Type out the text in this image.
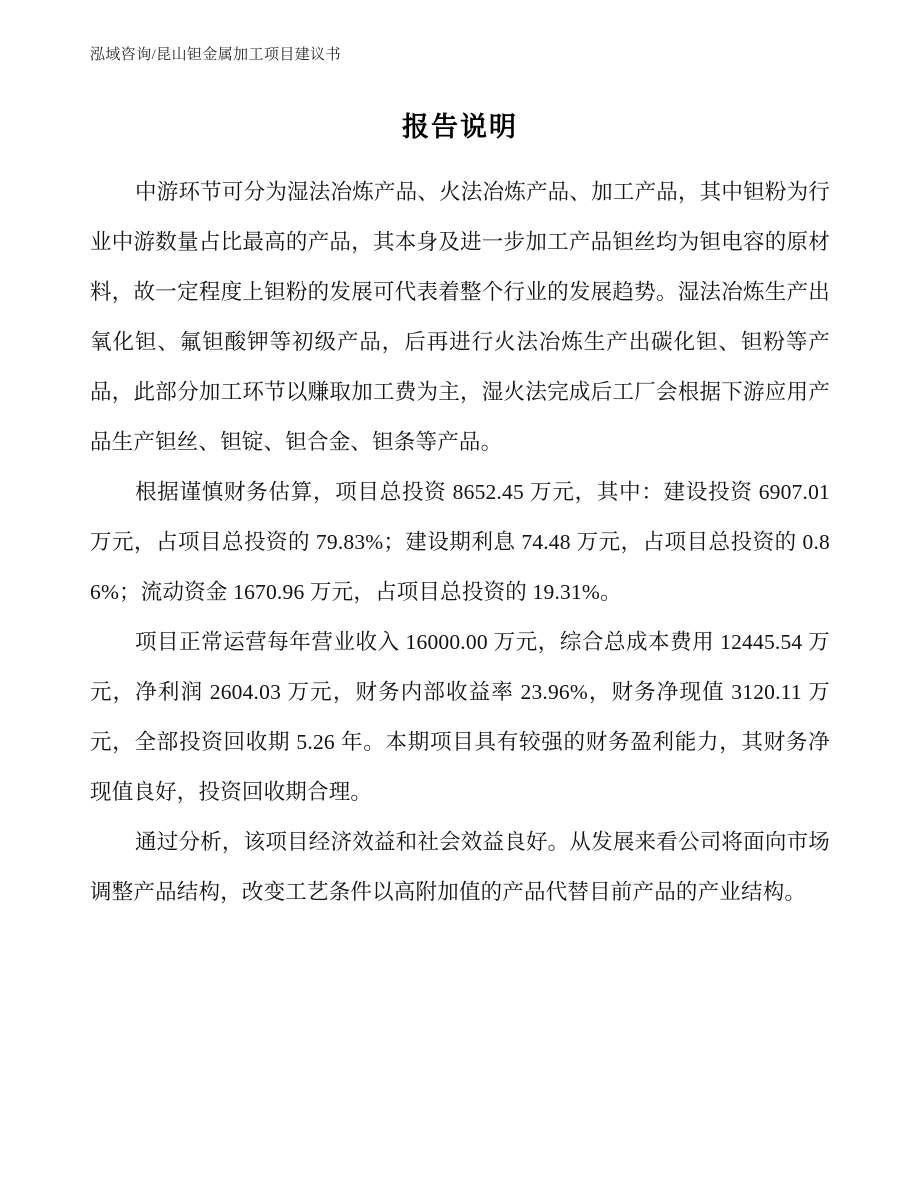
泓域咨询/昆山钽金属加工项目建议书
报告说明

中游环节可分为湿法冶炼产品、火法冶炼产品、加工产品，其中钽粉为行业中游数量占比最高的产品，其本身及进一步加工产品钽丝均为钽电容的原材料，故一定程度上钽粉的发展可代表着整个行业的发展趋势。湿法冶炼生产出氧化钽、氟钽酸钾等初级产品，后再进行火法冶炼生产出碳化钽、钽粉等产品，此部分加工环节以赚取加工费为主，湿火法完成后工厂会根据下游应用产品生产钽丝、钽锭、钽合金、钽条等产品。

根据谨慎财务估算，项目总投资 8652.45 万元，其中：建设投资 6907.01 万元，占项目总投资的 79.83%；建设期利息 74.48 万元，占项目总投资的 0.86%；流动资金 1670.96 万元，占项目总投资的 19.31%。

项目正常运营每年营业收入 16000.00 万元，综合总成本费用 12445.54 万元，净利润 2604.03 万元，财务内部收益率 23.96%，财务净现值 3120.11 万元，全部投资回收期 5.26 年。本期项目具有较强的财务盈利能力，其财务净现值良好，投资回收期合理。

通过分析，该项目经济效益和社会效益良好。从发展来看公司将面向市场调整产品结构，改变工艺条件以高附加值的产品代替目前产品的产业结构。
